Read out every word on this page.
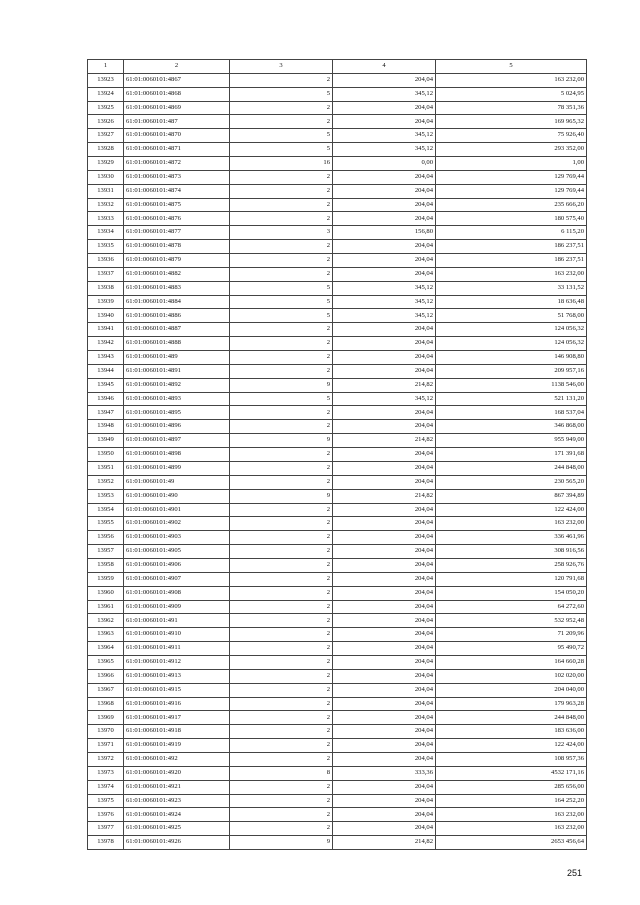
1	2	3	4	5
13923	61:01:0060101:4867	2	204,04	163 232,00
13924	61:01:0060101:4868	5	345,12	5 024,95
13925	61:01:0060101:4869	2	204,04	78 351,36
13926	61:01:0060101:487	2	204,04	169 965,32
13927	61:01:0060101:4870	5	345,12	75 926,40
13928	61:01:0060101:4871	5	345,12	293 352,00
13929	61:01:0060101:4872	16	0,00	1,00
13930	61:01:0060101:4873	2	204,04	129 769,44
13931	61:01:0060101:4874	2	204,04	129 769,44
13932	61:01:0060101:4875	2	204,04	235 666,20
13933	61:01:0060101:4876	2	204,04	180 575,40
13934	61:01:0060101:4877	3	156,80	6 115,20
13935	61:01:0060101:4878	2	204,04	186 237,51
13936	61:01:0060101:4879	2	204,04	186 237,51
13937	61:01:0060101:4882	2	204,04	163 232,00
13938	61:01:0060101:4883	5	345,12	33 131,52
13939	61:01:0060101:4884	5	345,12	18 636,48
13940	61:01:0060101:4886	5	345,12	51 768,00
13941	61:01:0060101:4887	2	204,04	124 056,32
13942	61:01:0060101:4888	2	204,04	124 056,32
13943	61:01:0060101:489	2	204,04	146 908,80
13944	61:01:0060101:4891	2	204,04	209 957,16
13945	61:01:0060101:4892	9	214,82	1138 546,00
13946	61:01:0060101:4893	5	345,12	521 131,20
13947	61:01:0060101:4895	2	204,04	168 537,04
13948	61:01:0060101:4896	2	204,04	346 868,00
13949	61:01:0060101:4897	9	214,82	955 949,00
13950	61:01:0060101:4898	2	204,04	171 391,68
13951	61:01:0060101:4899	2	204,04	244 848,00
13952	61:01:0060101:49	2	204,04	230 565,20
13953	61:01:0060101:490	9	214,82	867 394,89
13954	61:01:0060101:4901	2	204,04	122 424,00
13955	61:01:0060101:4902	2	204,04	163 232,00
13956	61:01:0060101:4903	2	204,04	336 461,96
13957	61:01:0060101:4905	2	204,04	308 916,56
13958	61:01:0060101:4906	2	204,04	258 926,76
13959	61:01:0060101:4907	2	204,04	120 791,68
13960	61:01:0060101:4908	2	204,04	154 050,20
13961	61:01:0060101:4909	2	204,04	64 272,60
13962	61:01:0060101:491	2	204,04	532 952,48
13963	61:01:0060101:4910	2	204,04	71 209,96
13964	61:01:0060101:4911	2	204,04	95 490,72
13965	61:01:0060101:4912	2	204,04	164 660,28
13966	61:01:0060101:4913	2	204,04	102 020,00
13967	61:01:0060101:4915	2	204,04	204 040,00
13968	61:01:0060101:4916	2	204,04	179 963,28
13969	61:01:0060101:4917	2	204,04	244 848,00
13970	61:01:0060101:4918	2	204,04	183 636,00
13971	61:01:0060101:4919	2	204,04	122 424,00
13972	61:01:0060101:492	2	204,04	108 957,36
13973	61:01:0060101:4920	8	333,36	4532 171,16
13974	61:01:0060101:4921	2	204,04	285 656,00
13975	61:01:0060101:4923	2	204,04	164 252,20
13976	61:01:0060101:4924	2	204,04	163 232,00
13977	61:01:0060101:4925	2	204,04	163 232,00
13978	61:01:0060101:4926	9	214,82	2653 456,64
251
